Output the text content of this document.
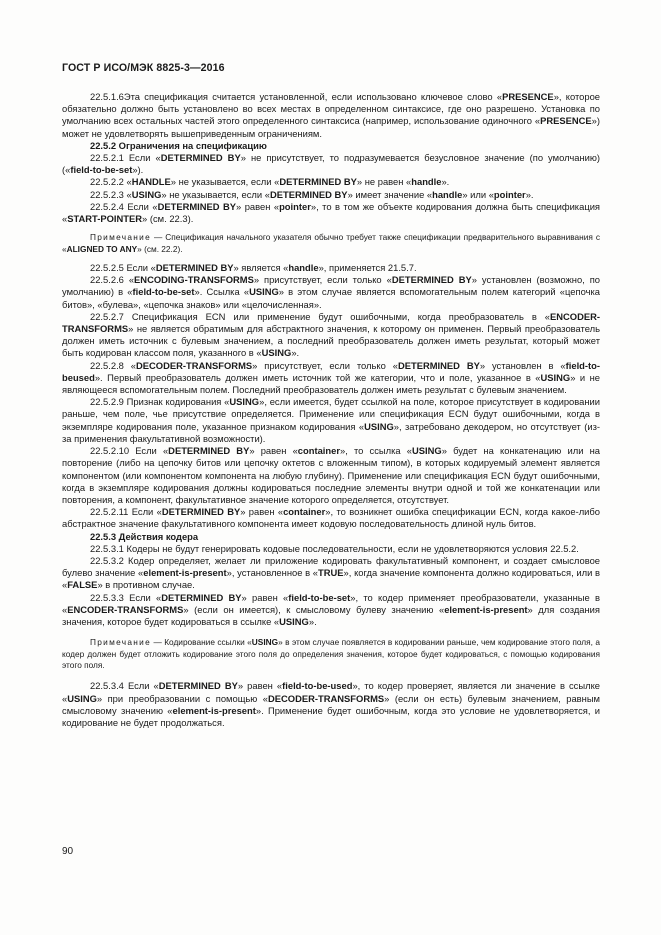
ГОСТ Р ИСО/МЭК 8825-3—2016

22.5.1.6Эта спецификация считается установленной, если использовано ключевое слово «PRESENCE», которое обязательно должно быть установлено во всех местах в определенном синтаксисе, где оно разрешено. Установка по умолчанию всех остальных частей этого определенного синтаксиса (например, использование одиночного «PRESENCE») может не удовлетворять вышеприведенным ограничениям.

22.5.2 Ограничения на спецификацию

22.5.2.1 Если «DETERMINED BY» не присутствует, то подразумевается безусловное значение (по умолчанию) («field-to-be-set»).

22.5.2.2 «HANDLE» не указывается, если «DETERMINED BY» не равен «handle».

22.5.2.3 «USING» не указывается, если «DETERMINED BY» имеет значение «handle» или «pointer».

22.5.2.4 Если «DETERMINED BY» равен «pointer», то в том же объекте кодирования должна быть спецификация «START-POINTER» (см. 22.3).

Примечание — Спецификация начального указателя обычно требует также спецификации предварительного выравнивания с «ALIGNED TO ANY» (см. 22.2).

22.5.2.5 Если «DETERMINED BY» является «handle», применяется 21.5.7.

22.5.2.6 «ENCODING-TRANSFORMS» присутствует, если только «DETERMINED BY» установлен (возможно, по умолчанию) в «field-to-be-set». Ссылка «USING» в этом случае является вспомогательным полем категорий «цепочка битов», «булева», «цепочка знаков» или «целочисленная».

22.5.2.7 Спецификация ECN или применение будут ошибочными, когда преобразователь в «ENCODER-TRANSFORMS» не является обратимым для абстрактного значения, к которому он применен. Первый преобразователь должен иметь источник с булевым значением, а последний преобразователь должен иметь результат, который может быть кодирован классом поля, указанного в «USING».

22.5.2.8 «DECODER-TRANSFORMS» присутствует, если только «DETERMINED BY» установлен в «field-to-beused». Первый преобразователь должен иметь источник той же категории, что и поле, указанное в «USING» и не являющееся вспомогательным полем. Последний преобразователь должен иметь результат с булевым значением.

22.5.2.9 Признак кодирования «USING», если имеется, будет ссылкой на поле, которое присутствует в кодировании раньше, чем поле, чье присутствие определяется. Применение или спецификация ECN будут ошибочными, когда в экземпляре кодирования поле, указанное признаком кодирования «USING», затребовано декодером, но отсутствует (из-за применения факультативной возможности).

22.5.2.10 Если «DETERMINED BY» равен «container», то ссылка «USING» будет на конкатенацию или на повторение (либо на цепочку битов или цепочку октетов с вложенным типом), в которых кодируемый элемент является компонентом (или компонентом компонента на любую глубину). Применение или спецификация ECN будут ошибочными, когда в экземпляре кодирования должны кодироваться последние элементы внутри одной и той же конкатенации или повторения, а компонент, факультативное значение которого определяется, отсутствует.

22.5.2.11 Если «DETERMINED BY» равен «container», то возникнет ошибка спецификации ECN, когда какое-либо абстрактное значение факультативного компонента имеет кодовую последовательность длиной нуль битов.

22.5.3 Действия кодера

22.5.3.1 Кодеры не будут генерировать кодовые последовательности, если не удовлетворяются условия 22.5.2.

22.5.3.2 Кодер определяет, желает ли приложение кодировать факультативный компонент, и создает смысловое булево значение «element-is-present», установленное в «TRUE», когда значение компонента должно кодироваться, или в «FALSE» в противном случае.

22.5.3.3 Если «DETERMINED BY» равен «field-to-be-set», то кодер применяет преобразователи, указанные в «ENCODER-TRANSFORMS» (если он имеется), к смысловому булеву значению «element-is-present» для создания значения, которое будет кодироваться в ссылке «USING».

Примечание — Кодирование ссылки «USING» в этом случае появляется в кодировании раньше, чем кодирование этого поля, а кодер должен будет отложить кодирование этого поля до определения значения, которое будет кодироваться, с помощью кодирования этого поля.

22.5.3.4 Если «DETERMINED BY» равен «field-to-be-used», то кодер проверяет, является ли значение в ссылке «USING» при преобразовании с помощью «DECODER-TRANSFORMS» (если он есть) булевым значением, равным смысловому значению «element-is-present». Применение будет ошибочным, когда это условие не удовлетворяется, и кодирование не будет продолжаться.

90
